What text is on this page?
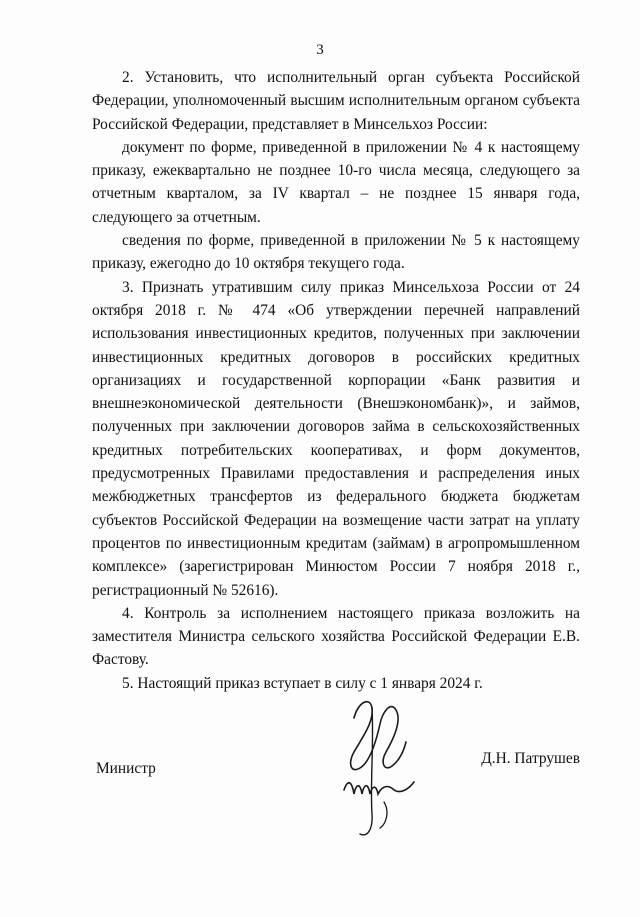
3

2. Установить, что исполнительный орган субъекта Российской Федерации, уполномоченный высшим исполнительным органом субъекта Российской Федерации, представляет в Минсельхоз России:

документ по форме, приведенной в приложении № 4 к настоящему приказу, ежеквартально не позднее 10-го числа месяца, следующего за отчетным кварталом, за IV квартал – не позднее 15 января года, следующего за отчетным.

сведения по форме, приведенной в приложении № 5 к настоящему приказу, ежегодно до 10 октября текущего года.

3. Признать утратившим силу приказ Минсельхоза России от 24 октября 2018 г. № 474 «Об утверждении перечней направлений использования инвестиционных кредитов, полученных при заключении инвестиционных кредитных договоров в российских кредитных организациях и государственной корпорации «Банк развития и внешнеэкономической деятельности (Внешэкономбанк)», и займов, полученных при заключении договоров займа в сельскохозяйственных кредитных потребительских кооперативах, и форм документов, предусмотренных Правилами предоставления и распределения иных межбюджетных трансфертов из федерального бюджета бюджетам субъектов Российской Федерации на возмещение части затрат на уплату процентов по инвестиционным кредитам (займам) в агропромышленном комплексе» (зарегистрирован Минюстом России 7 ноября 2018 г., регистрационный № 52616).

4. Контроль за исполнением настоящего приказа возложить на заместителя Министра сельского хозяйства Российской Федерации Е.В. Фастову.

5. Настоящий приказ вступает в силу с 1 января 2024 г.

Министр
Д.Н. Патрушев
